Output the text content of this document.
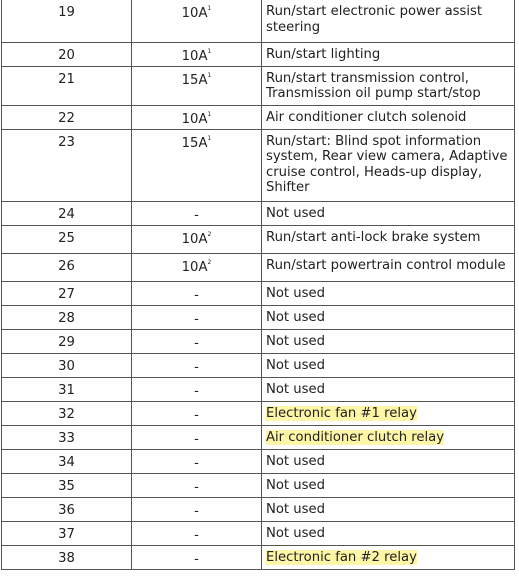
19	$10A^1$	Run/start electronic power assist steering
20	$10A^1$	Run/start lighting
21	$15A^1$	Run/start transmission control, Transmission oil pump start/stop
22	$10A^1$	Air conditioner clutch solenoid
23	$15A^1$	Run/start: Blind spot information system, Rear view camera, Adaptive cruise control, Heads-up display, Shifter
24	-	Not used
25	$10A^2$	Run/start anti-lock brake system
26	$10A^2$	Run/start powertrain control module
27	-	Not used
28	-	Not used
29	-	Not used
30	-	Not used
31	-	Not used
32	-	Electronic fan #1 relay
33	-	Air conditioner clutch relay
34	-	Not used
35	-	Not used
36	-	Not used
37	-	Not used
38	-	Electronic fan #2 relay
